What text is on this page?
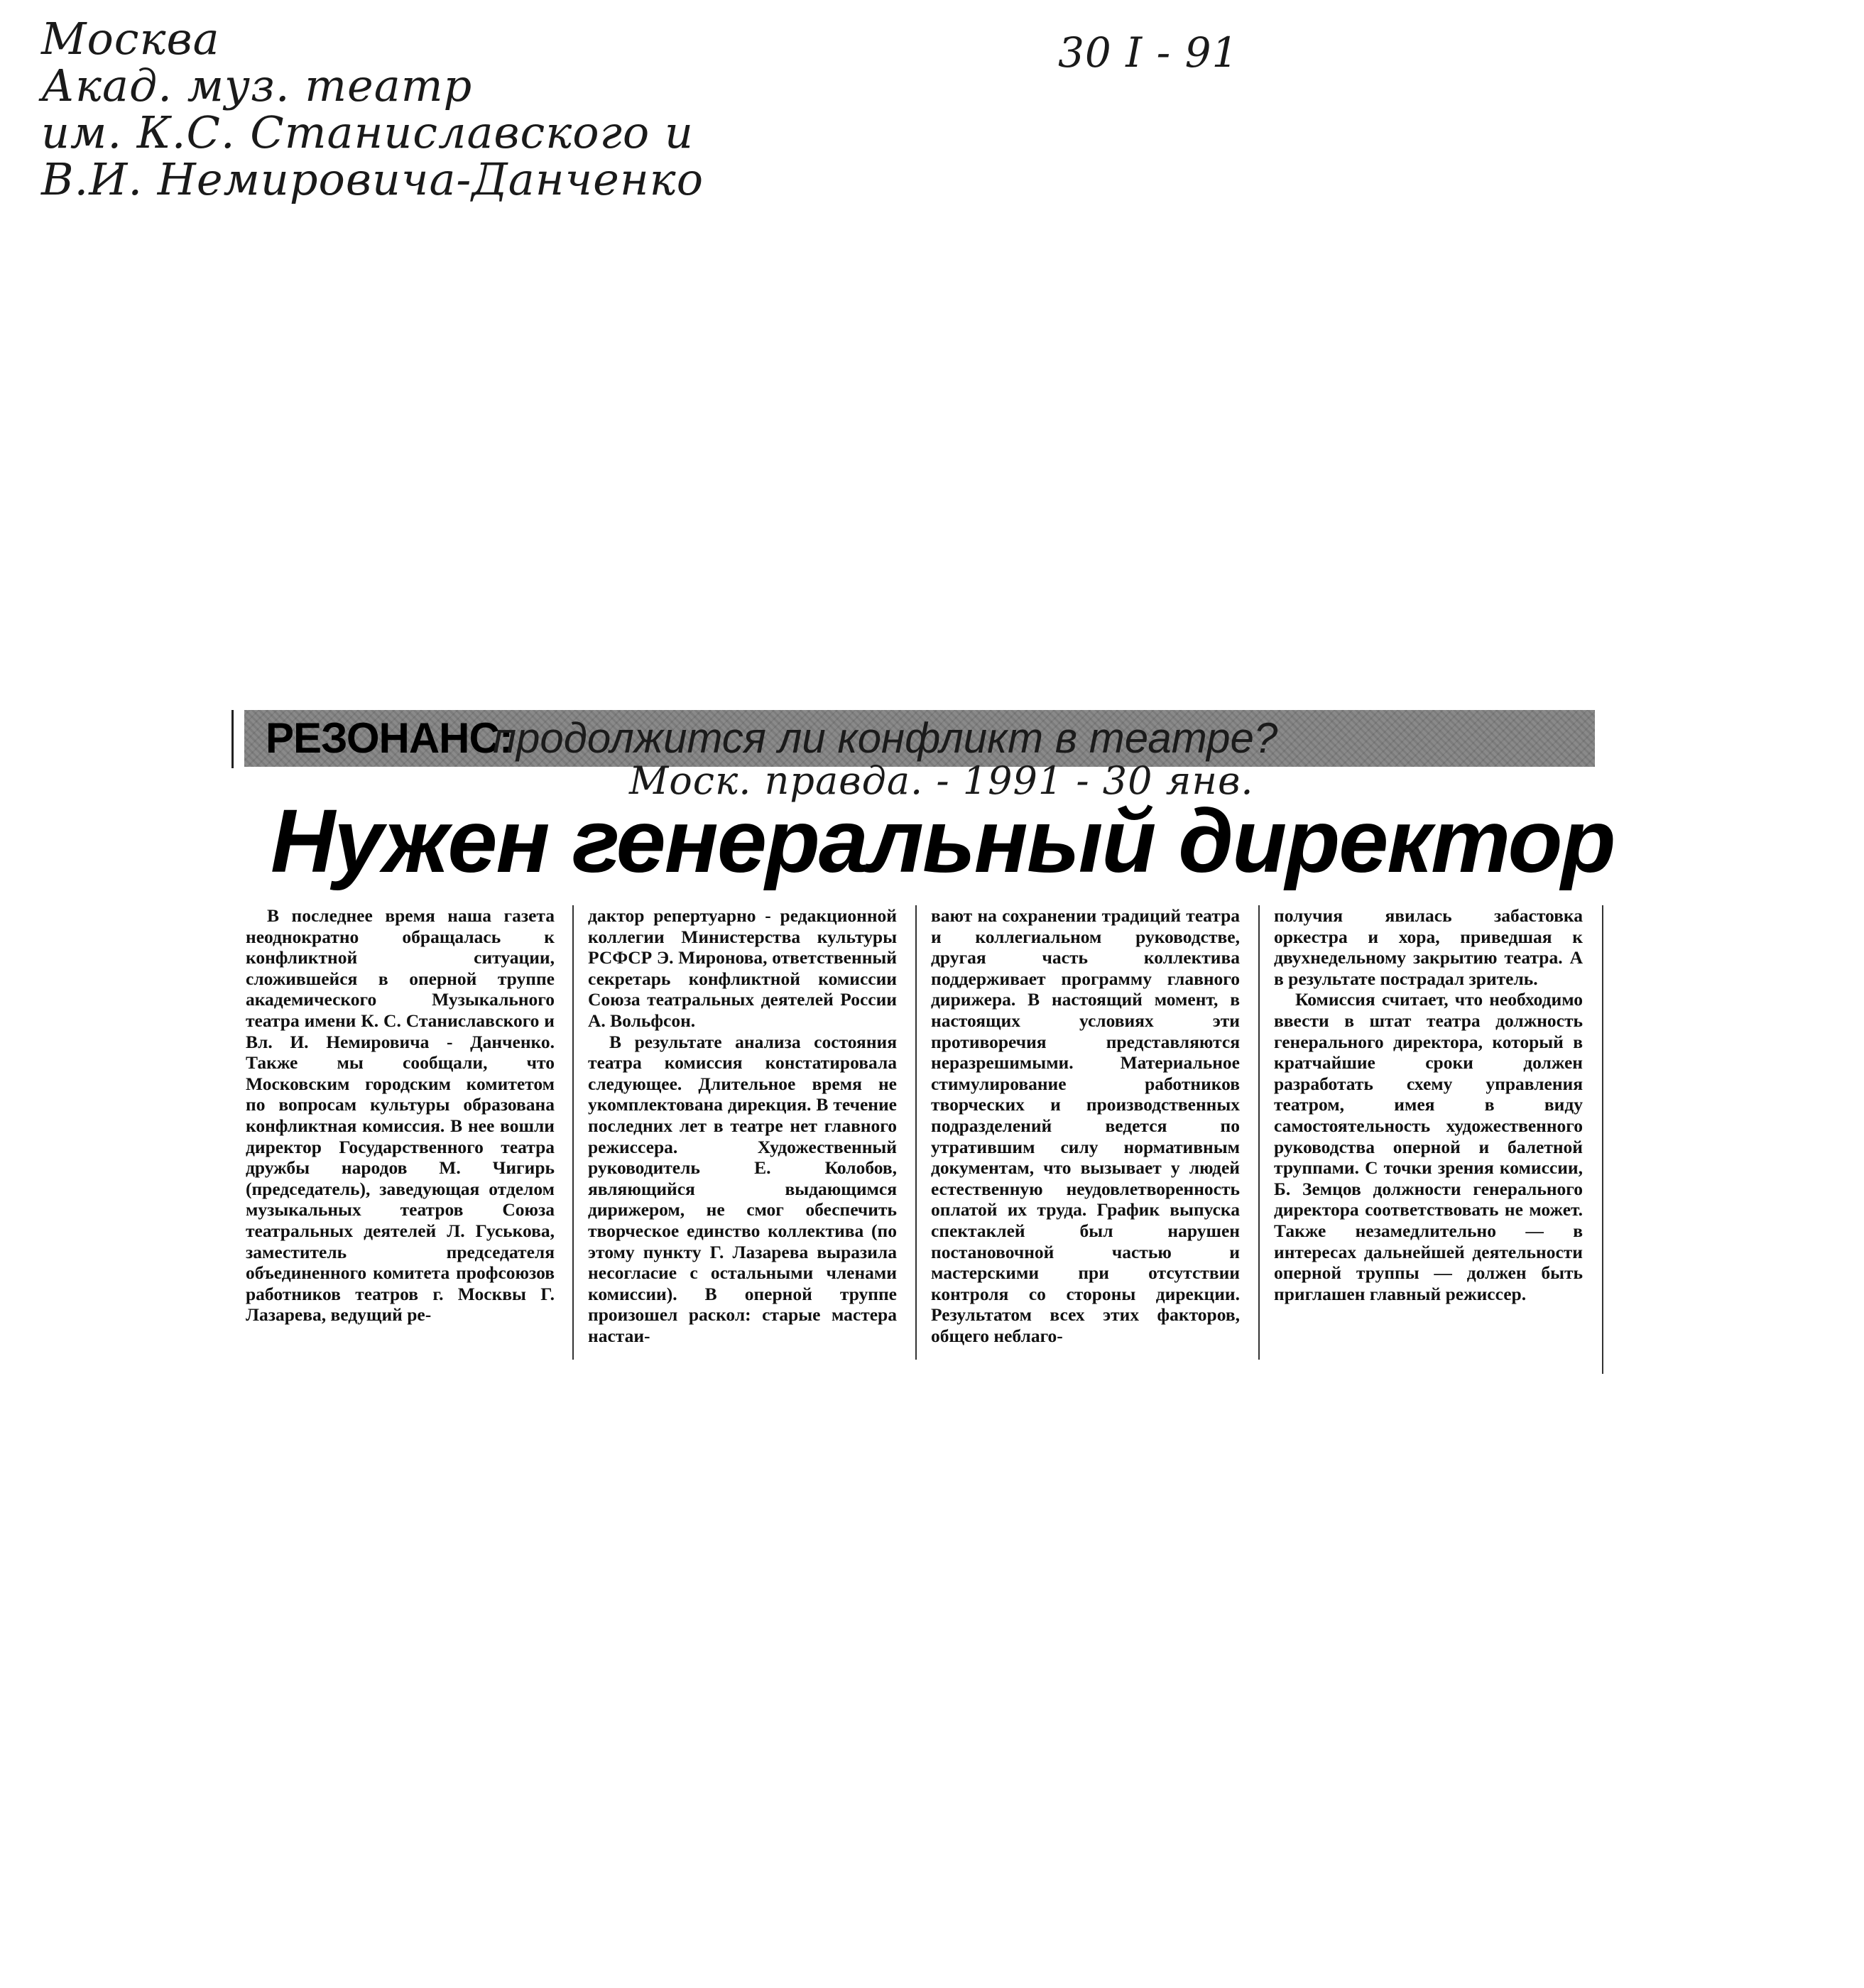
Москва
Акад. муз. театр
им. К.С. Станиславского и
В.И. Немировича-Данченко
30 I - 91
РЕЗОНАНС:
продолжится ли конфликт в театре?
Моск. правда. - 1991 - 30 янв.
Нужен генеральный директор

В последнее время наша газета неоднократно обращалась к конфликтной ситуации, сложившейся в оперной труппе академического Музыкального театра имени К. С. Станиславского и Вл. И. Немировича - Данченко. Также мы сообщали, что Московским городским комитетом по вопросам культуры образована конфликтная комиссия. В нее вошли директор Государственного театра дружбы народов М. Чигирь (председатель), заведующая отделом музыкальных театров Союза театральных деятелей Л. Гуськова, заместитель председателя объединенного комитета профсоюзов работников театров г. Москвы Г. Лазарева, ведущий ре-

дактор репертуарно - редакционной коллегии Министерства культуры РСФСР Э. Миронова, ответственный секретарь конфликтной комиссии Союза театральных деятелей России А. Вольфсон.

В результате анализа состояния театра комиссия констатировала следующее. Длительное время не укомплектована дирекция. В течение последних лет в театре нет главного режиссера. Художественный руководитель Е. Колобов, являющийся выдающимся дирижером, не смог обеспечить творческое единство коллектива (по этому пункту Г. Лазарева выразила несогласие с остальными членами комиссии). В оперной труппе произошел раскол: старые мастера настаи-

вают на сохранении традиций театра и коллегиальном руководстве, другая часть коллектива поддерживает программу главного дирижера. В настоящий момент, в настоящих условиях эти противоречия представляются неразрешимыми. Материальное стимулирование работников творческих и производственных подразделений ведется по утратившим силу нормативным документам, что вызывает у людей естественную неудовлетворенность оплатой их труда. График выпуска спектаклей был нарушен постановочной частью и мастерскими при отсутствии контроля со стороны дирекции. Результатом всех этих факторов, общего неблаго-

получия явилась забастовка оркестра и хора, приведшая к двухнедельному закрытию театра. А в результате пострадал зритель.

Комиссия считает, что необходимо ввести в штат театра должность генерального директора, который в кратчайшие сроки должен разработать схему управления театром, имея в виду самостоятельность художественного руководства оперной и балетной труппами. С точки зрения комиссии, Б. Земцов должности генерального директора соответствовать не может. Также незамедлительно — в интересах дальнейшей деятельности оперной труппы — должен быть приглашен главный режиссер.
